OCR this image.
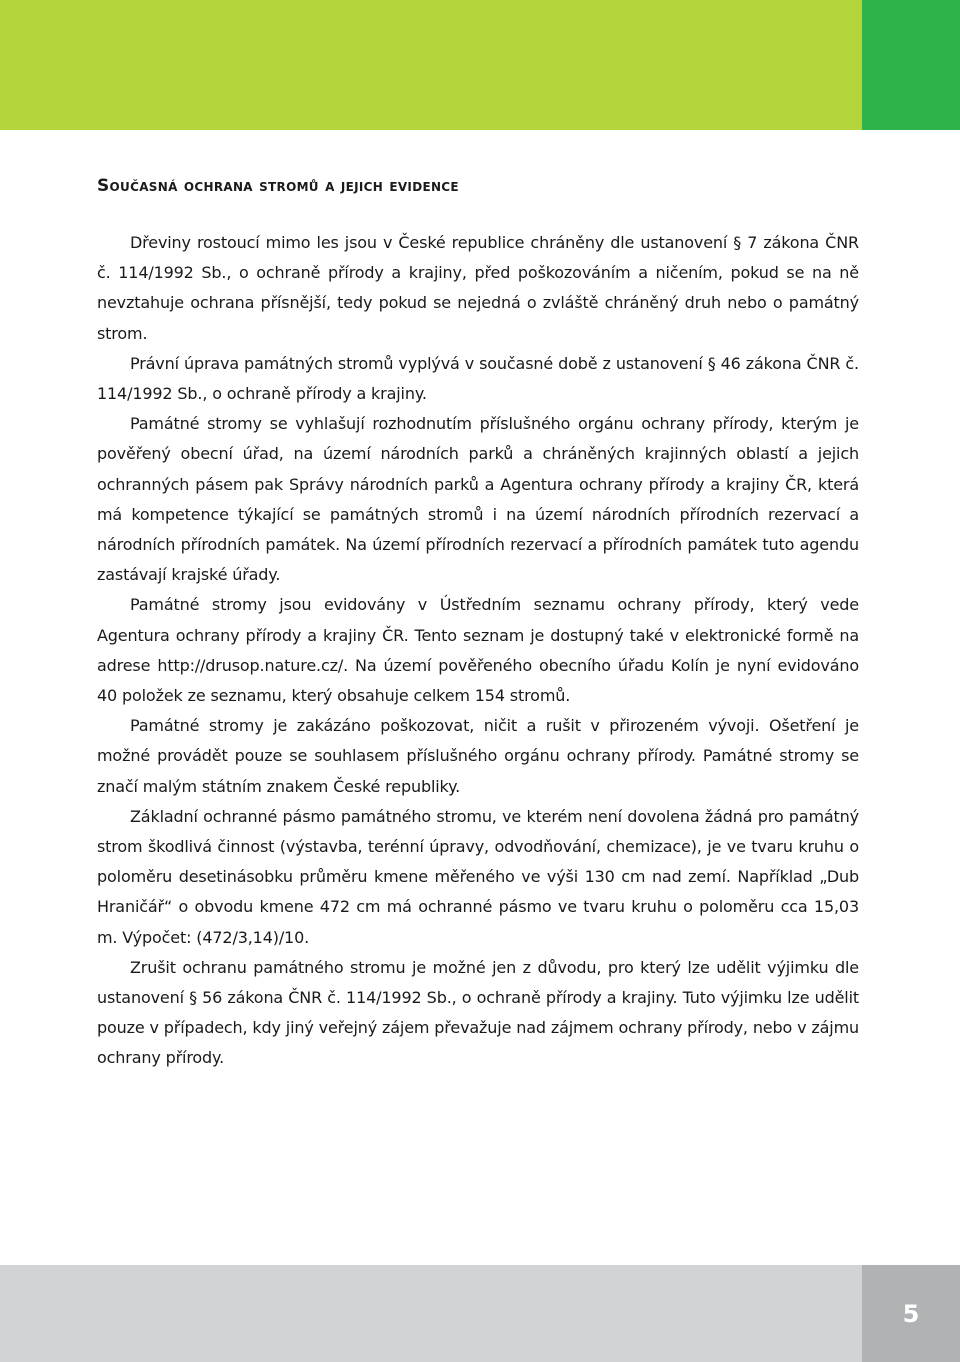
Současná ochrana stromů a jejich evidence

Dřeviny rostoucí mimo les jsou v České republice chráněny dle ustanovení § 7 zákona ČNR č. 114/1992 Sb., o ochraně přírody a krajiny, před poškozováním a ničením, pokud se na ně nevztahuje ochrana přísnější, tedy pokud se nejedná o zvláště chráněný druh nebo o památný strom.

Právní úprava památných stromů vyplývá v současné době z ustanovení § 46 zákona ČNR č. 114/1992 Sb., o ochraně přírody a krajiny.

Památné stromy se vyhlašují rozhodnutím příslušného orgánu ochrany přírody, kterým je pověřený obecní úřad, na území národních parků a chráněných krajinných oblastí a jejich ochranných pásem pak Správy národních parků a Agentura ochrany přírody a krajiny ČR, která má kompetence týkající se památných stromů i na území národních přírodních rezervací a národních přírodních památek. Na území přírodních rezervací a přírodních památek tuto agendu zastávají krajské úřady.

Památné stromy jsou evidovány v Ústředním seznamu ochrany přírody, který vede Agentura ochrany přírody a krajiny ČR. Tento seznam je dostupný také v elektronické formě na adrese http://drusop.nature.cz/. Na území pověřeného obecního úřadu Kolín je nyní evidováno 40 položek ze seznamu, který obsahuje celkem 154 stromů.

Památné stromy je zakázáno poškozovat, ničit a rušit v přirozeném vývoji. Ošetření je možné provádět pouze se souhlasem příslušného orgánu ochrany přírody. Památné stromy se značí malým státním znakem České republiky.

Základní ochranné pásmo památného stromu, ve kterém není dovolena žádná pro památný strom škodlivá činnost (výstavba, terénní úpravy, odvodňování, chemizace), je ve tvaru kruhu o poloměru desetinásobku průměru kmene měřeného ve výši 130 cm nad zemí. Například „Dub Hraničář“ o obvodu kmene 472 cm má ochranné pásmo ve tvaru kruhu o poloměru cca 15,03 m. Výpočet: (472/3,14)/10.

Zrušit ochranu památného stromu je možné jen z důvodu, pro který lze udělit výjimku dle ustanovení § 56 zákona ČNR č. 114/1992 Sb., o ochraně přírody a krajiny. Tuto výjimku lze udělit pouze v případech, kdy jiný veřejný zájem převažuje nad zájmem ochrany přírody, nebo v zájmu ochrany přírody.

5
